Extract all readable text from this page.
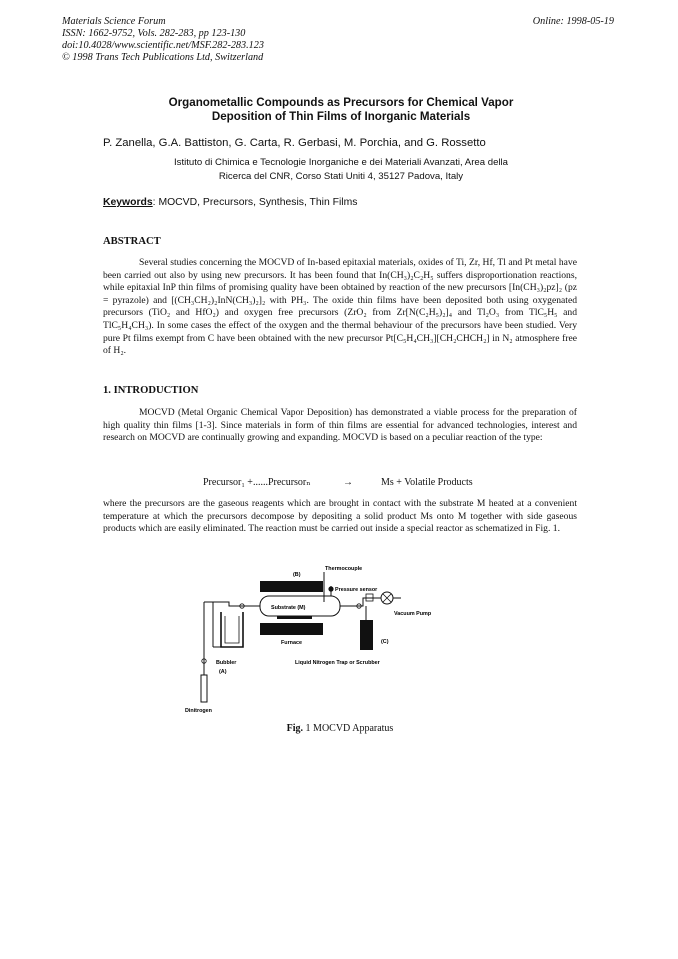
Materials Science Forum
ISSN: 1662-9752, Vols. 282-283, pp 123-130
doi:10.4028/www.scientific.net/MSF.282-283.123
© 1998 Trans Tech Publications Ltd, Switzerland
Online: 1998-05-19
Organometallic Compounds as Precursors for Chemical Vapor
Deposition of Thin Films of Inorganic Materials
P. Zanella, G.A. Battiston, G. Carta, R. Gerbasi, M. Porchia, and G. Rossetto
Istituto di Chimica e Tecnologie Inorganiche e dei Materiali Avanzati, Area della
Ricerca del CNR, Corso Stati Uniti 4, 35127 Padova, Italy
Keywords: MOCVD, Precursors, Synthesis, Thin Films
ABSTRACT
Several studies concerning the MOCVD of In-based epitaxial materials, oxides of Ti, Zr, Hf, Tl and Pt metal have been carried out also by using new precursors. It has been found that In(CH₃)₂C₂H₅ suffers disproportionation reactions, while epitaxial InP thin films of promising quality have been obtained by reaction of the new precursors [In(CH₃)₂pz]₂ (pz = pyrazole) and [(CH₃CH₂)₂InN(CH₃)₂]₂ with PH₃. The oxide thin films have been deposited both using oxygenated precursors (TiO₂ and HfO₂) and oxygen free precursors (ZrO₂ from Zr[N(C₂H₅)₂]₄ and Tl₂O₃ from TlC₅H₅ and TlC₅H₄CH₃). In some cases the effect of the oxygen and the thermal behaviour of the precursors have been studied. Very pure Pt films exempt from C have been obtained with the new precursor Pt[C₅H₄CH₃][CH₂CHCH₂] in N₂ atmosphere free of H₂.
1. INTRODUCTION
MOCVD (Metal Organic Chemical Vapor Deposition) has demonstrated a viable process for the preparation of high quality thin films [1-3]. Since materials in form of thin films are essential for advanced technologies, interest and research on MOCVD are continually growing and expanding. MOCVD is based on a peculiar reaction of the type:
Precursor₁ +......Precursorₙ	→	Ms + Volatile Products
where the precursors are the gaseous reagents which are brought in contact with the substrate M heated at a convenient temperature at which the precursors decompose by depositing a solid product Ms onto M together with side gaseous products which are easily eliminated. The reaction must be carried out inside a special reactor as schematized in Fig. 1.
Thermocouple
(B)
Pressure sensor
Substrate (M)
Vacuum Pump
Furnace	(C)
Bubbler
(A)
Liquid Nitrogen Trap or Scrubber
Dinitrogen
Fig. 1 MOCVD Apparatus
